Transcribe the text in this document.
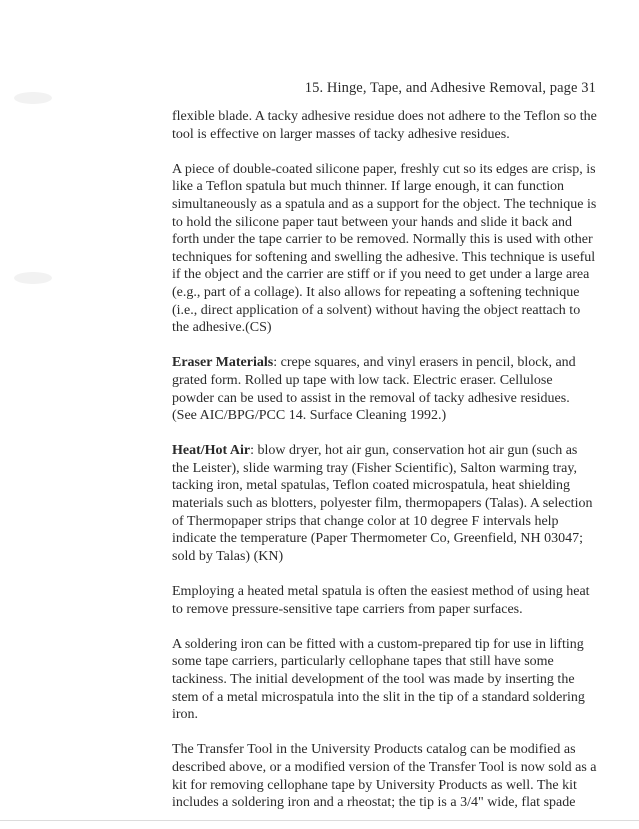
15. Hinge, Tape, and Adhesive Removal, page 31

flexible blade. A tacky adhesive residue does not adhere to the Teflon so the tool is effective on larger masses of tacky adhesive residues.

A piece of double-coated silicone paper, freshly cut so its edges are crisp, is like a Teflon spatula but much thinner. If large enough, it can function simultaneously as a spatula and as a support for the object. The technique is to hold the silicone paper taut between your hands and slide it back and forth under the tape carrier to be removed. Normally this is used with other techniques for softening and swelling the adhesive. This technique is useful if the object and the carrier are stiff or if you need to get under a large area (e.g., part of a collage). It also allows for repeating a softening technique (i.e., direct application of a solvent) without having the object reattach to the adhesive.(CS)

Eraser Materials: crepe squares, and vinyl erasers in pencil, block, and grated form. Rolled up tape with low tack. Electric eraser. Cellulose powder can be used to assist in the removal of tacky adhesive residues. (See AIC/BPG/PCC 14. Surface Cleaning 1992.)

Heat/Hot Air: blow dryer, hot air gun, conservation hot air gun (such as the Leister), slide warming tray (Fisher Scientific), Salton warming tray, tacking iron, metal spatulas, Teflon coated microspatula, heat shielding materials such as blotters, polyester film, thermopapers (Talas). A selection of Thermopaper strips that change color at 10 degree F intervals help indicate the temperature (Paper Thermometer Co, Greenfield, NH 03047; sold by Talas) (KN)

Employing a heated metal spatula is often the easiest method of using heat to remove pressure-sensitive tape carriers from paper surfaces.

A soldering iron can be fitted with a custom-prepared tip for use in lifting some tape carriers, particularly cellophane tapes that still have some tackiness. The initial development of the tool was made by inserting the stem of a metal microspatula into the slit in the tip of a standard soldering iron.

The Transfer Tool in the University Products catalog can be modified as described above, or a modified version of the Transfer Tool is now sold as a kit for removing cellophane tape by University Products as well. The kit includes a soldering iron and a rheostat; the tip is a 3/4" wide, flat spade
